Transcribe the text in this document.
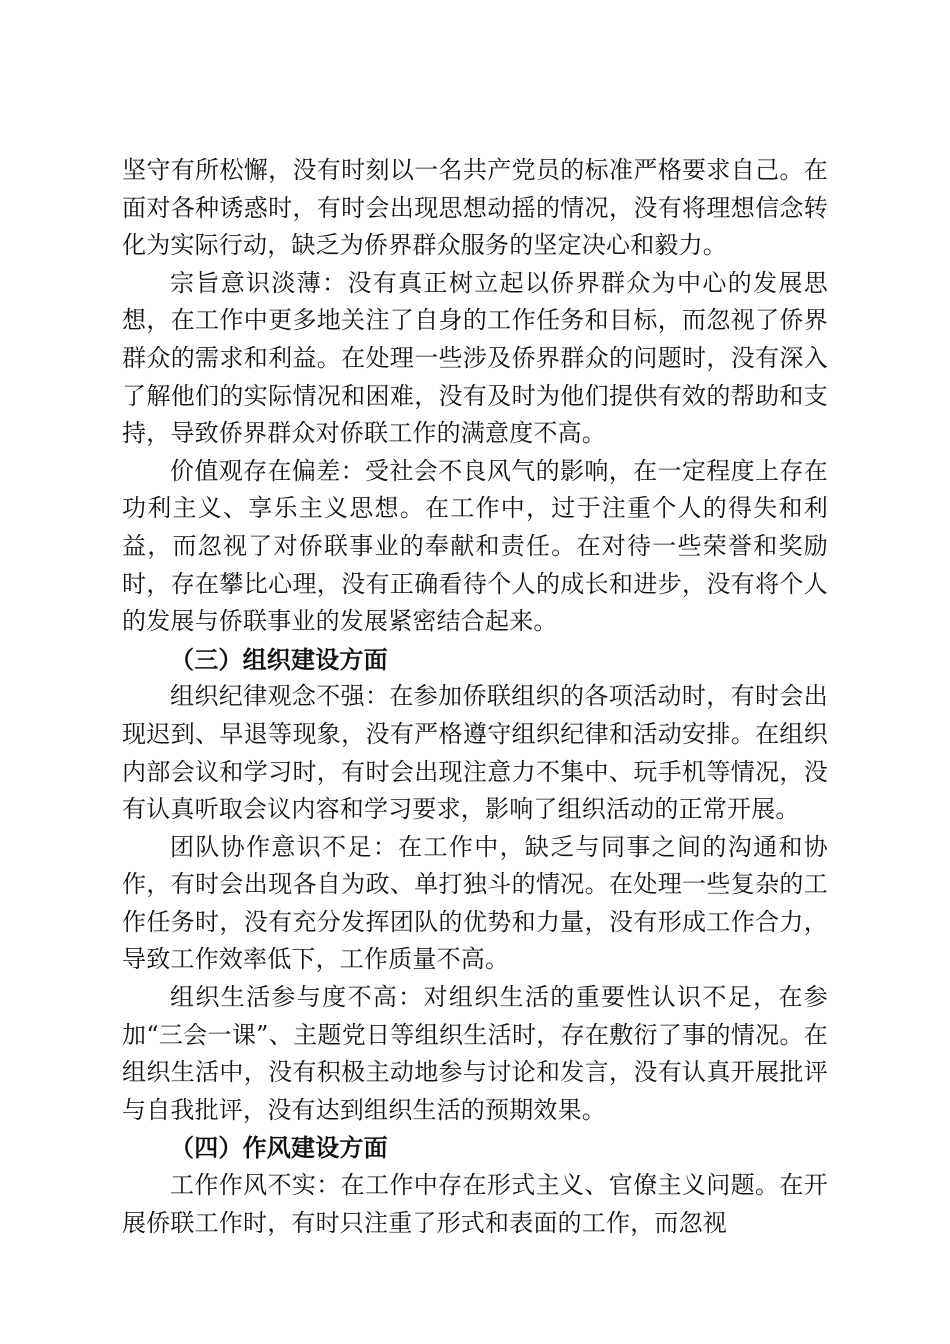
坚守有所松懈，没有时刻以一名共产党员的标准严格要求自己。在面对各种诱惑时，有时会出现思想动摇的情况，没有将理想信念转化为实际行动，缺乏为侨界群众服务的坚定决心和毅力。

宗旨意识淡薄：没有真正树立起以侨界群众为中心的发展思想，在工作中更多地关注了自身的工作任务和目标，而忽视了侨界群众的需求和利益。在处理一些涉及侨界群众的问题时，没有深入了解他们的实际情况和困难，没有及时为他们提供有效的帮助和支持，导致侨界群众对侨联工作的满意度不高。

价值观存在偏差：受社会不良风气的影响，在一定程度上存在功利主义、享乐主义思想。在工作中，过于注重个人的得失和利益，而忽视了对侨联事业的奉献和责任。在对待一些荣誉和奖励时，存在攀比心理，没有正确看待个人的成长和进步，没有将个人的发展与侨联事业的发展紧密结合起来。

（三）组织建设方面

组织纪律观念不强：在参加侨联组织的各项活动时，有时会出现迟到、早退等现象，没有严格遵守组织纪律和活动安排。在组织内部会议和学习时，有时会出现注意力不集中、玩手机等情况，没有认真听取会议内容和学习要求，影响了组织活动的正常开展。

团队协作意识不足：在工作中，缺乏与同事之间的沟通和协作，有时会出现各自为政、单打独斗的情况。在处理一些复杂的工作任务时，没有充分发挥团队的优势和力量，没有形成工作合力，导致工作效率低下，工作质量不高。

组织生活参与度不高：对组织生活的重要性认识不足，在参加“三会一课”、主题党日等组织生活时，存在敷衍了事的情况。在组织生活中，没有积极主动地参与讨论和发言，没有认真开展批评与自我批评，没有达到组织生活的预期效果。

（四）作风建设方面

工作作风不实：在工作中存在形式主义、官僚主义问题。在开展侨联工作时，有时只注重了形式和表面的工作，而忽视
